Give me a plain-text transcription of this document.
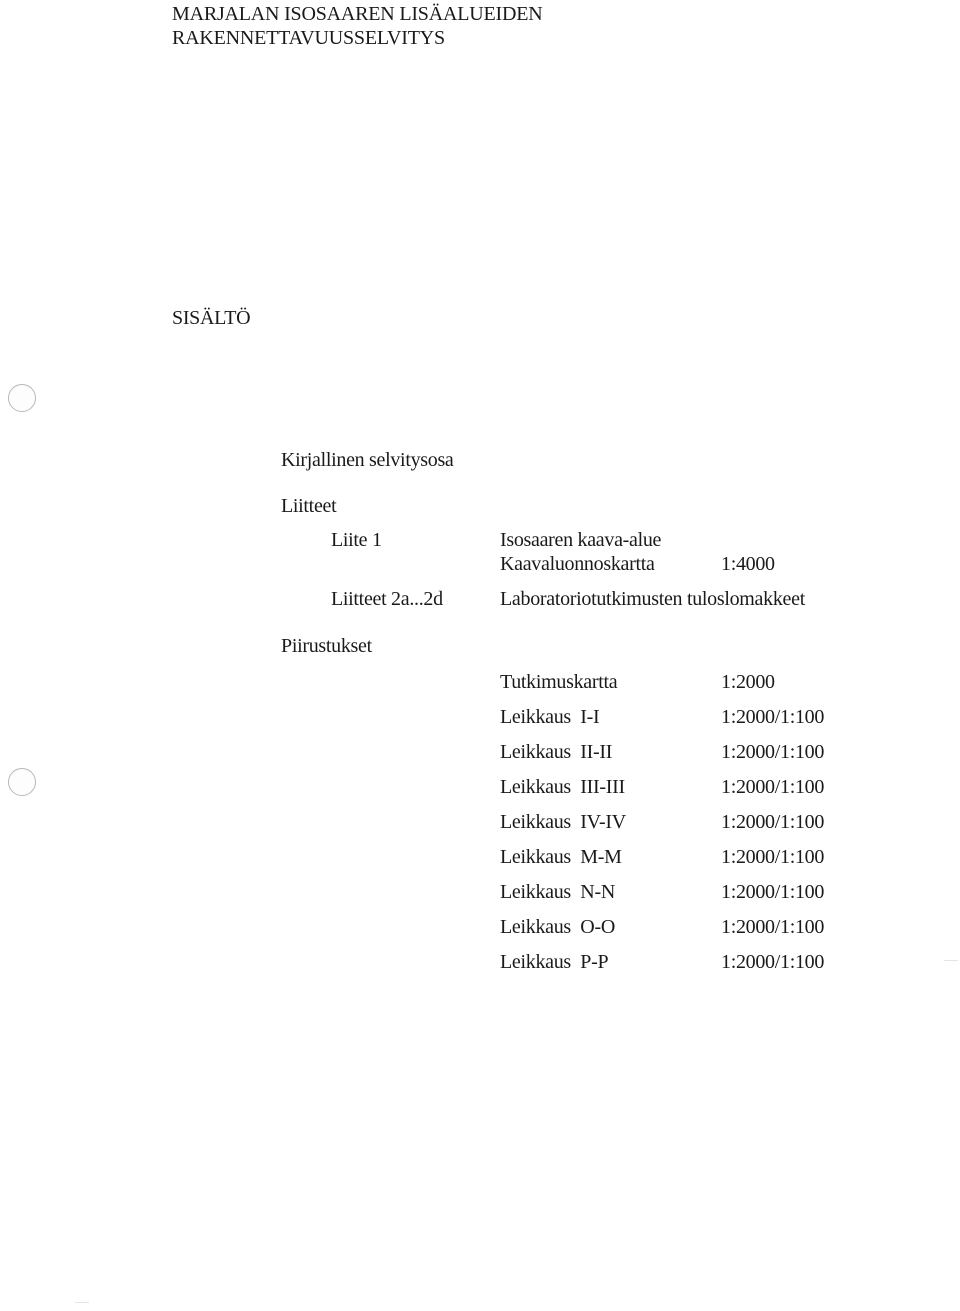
MARJALAN ISOSAAREN LISÄALUEIDEN
RAKENNETTAVUUSSELVITYS
SISÄLTÖ
Kirjallinen selvitysosa
Liitteet
Liite 1	Isosaaren kaava-alue
Kaavaluonnoskartta	1:4000
Liitteet 2a...2d	Laboratoriotutkimusten tuloslomakkeet
Piirustukset
Tutkimuskartta	1:2000
Leikkaus  I-I	1:2000/1:100
Leikkaus  II-II	1:2000/1:100
Leikkaus  III-III	1:2000/1:100
Leikkaus  IV-IV	1:2000/1:100
Leikkaus  M-M	1:2000/1:100
Leikkaus  N-N	1:2000/1:100
Leikkaus  O-O	1:2000/1:100
Leikkaus  P-P	1:2000/1:100
